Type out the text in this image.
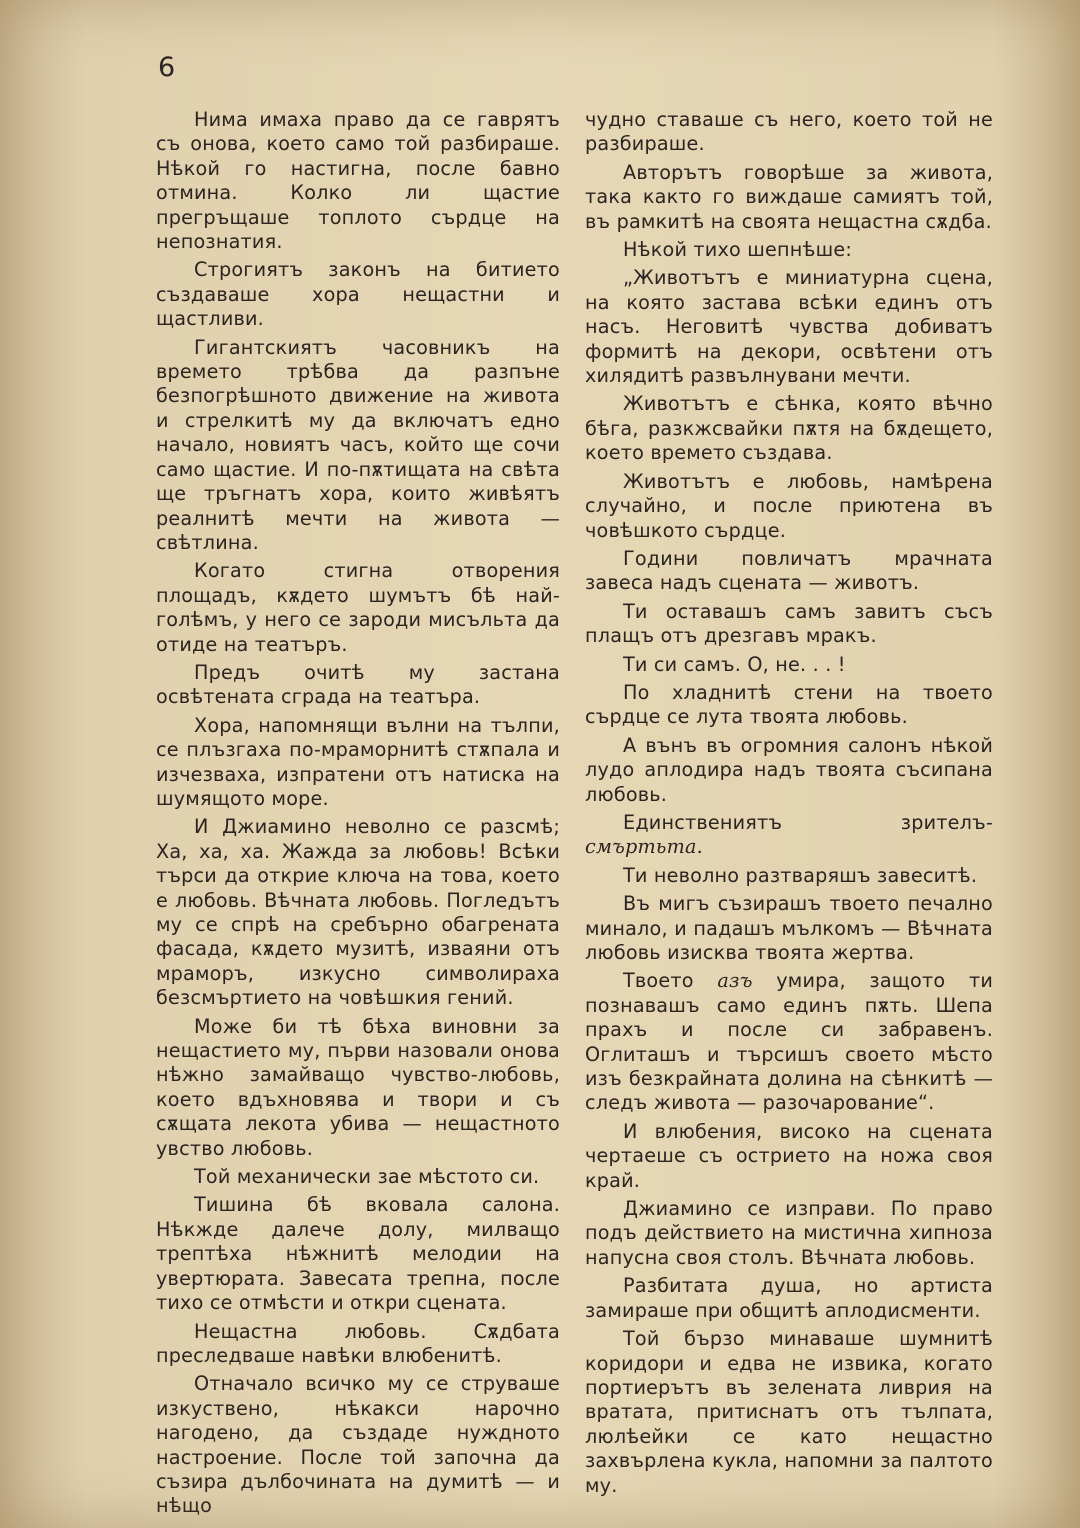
6

Нима имаха право да се гаврятъ съ онова, което само той разбираше. Нѣкой го настигна, после бавно отмина. Колко ли щастие прегръщаше топлото сърдце на непознатия.

Строгиятъ законъ на битието създаваше хора нещастни и щастливи.

Гигантскиятъ часовникъ на времето трѣбва да разпъне безпогрѣшното движение на живота и стрелкитѣ му да включатъ едно начало, новиятъ часъ, който ще сочи само щастие. И по-пѫтищата на свѣта ще тръгнатъ хора, които живѣятъ реалнитѣ мечти на живота — свѣтлина.

Когато стигна отворения площадъ, кѫдето шумътъ бѣ най-голѣмъ, у него се зароди мисъльта да отиде на театъръ.

Предъ очитѣ му застана освѣтената сграда на театъра.

Хора, напомнящи вълни на тълпи, се плъзгаха по-мраморнитѣ стѫпала и изчезваха, изпратени отъ натиска на шумящото море.

И Джиамино неволно се разсмѣ; Ха, ха, ха. Жажда за любовь! Всѣки търси да открие ключа на това, което е любовь. Вѣчната любовь. Погледътъ му се спрѣ на сребърно обагрената фасада, кѫдето музитѣ, изваяни отъ мраморъ, изкусно символираха безсмъртието на човѣшкия гений.

Може би тѣ бѣха виновни за нещастието му, първи назовали онова нѣжно замайващо чувство-любовь, което вдъхновява и твори и съ сѫщата лекота убива — нещастното увство любовь.

Той механически зае мѣстото си.

Тишина бѣ вковала салона. Нѣкжде далече долу, милващо трептѣха нѣжнитѣ мелодии на увертюрата. Завесата трепна, после тихо се отмѣсти и откри сцената.

Нещастна любовь. Сѫдбата преследваше навѣки влюбенитѣ.

Отначало всичко му се струваше изкуствено, нѣкакси нарочно нагодено, да създаде нуждното настроение. После той започна да съзира дълбочината на думитѣ — и нѣщо

чудно ставаше съ него, което той не разбираше.

Авторътъ говорѣше за живота, така както го виждаше самиятъ той, въ рамкитѣ на своята нещастна сѫдба.

Нѣкой тихо шепнѣше:

„Животътъ е миниатурна сцена, на която застава всѣки единъ отъ насъ. Неговитѣ чувства добиватъ формитѣ на декори, освѣтени отъ хилядитѣ развълнувани мечти.

Животътъ е сѣнка, която вѣчно бѣга, разкжсвайки пѫтя на бѫдещето, което времето създава.

Животътъ е любовь, намѣрена случайно, и после приютена въ човѣшкото сърдце.

Години повличатъ мрачната завеса надъ сцената — животъ.

Ти оставашъ самъ завитъ съсъ плащъ отъ дрезгавъ мракъ.

Ти си самъ. О, не. . . !

По хладнитѣ стени на твоето сърдце се лута твоята любовь.

А вънъ въ огромния салонъ нѣкой лудо аплодира надъ твоята съсипана любовь.

Единствениятъ зрителъ-смъртьта.

Ти неволно разтваряшъ завеситѣ.

Въ мигъ съзирашъ твоето печално минало, и падашъ мълкомъ — Вѣчната любовь изисква твоята жертва.

Твоето азъ умира, защото ти познавашъ само единъ пѫть. Шепа прахъ и после си забравенъ. Оглиташъ и търсишъ своето мѣсто изъ безкрайната долина на сѣнкитѣ — следъ живота — разочарование“.

И влюбения, високо на сцената чертаеше съ острието на ножа своя край.

Джиамино се изправи. По право подъ действието на мистична хипноза напусна своя столъ. Вѣчната любовь.

Разбитата душа, но артиста замираше при общитѣ аплодисменти.

Той бързо минаваше шумнитѣ коридори и едва не извика, когато портиерътъ въ зелената ливрия на вратата, притиснатъ отъ тълпата, люлѣейки се като нещастно захвърлена кукла, напомни за палтото му.
